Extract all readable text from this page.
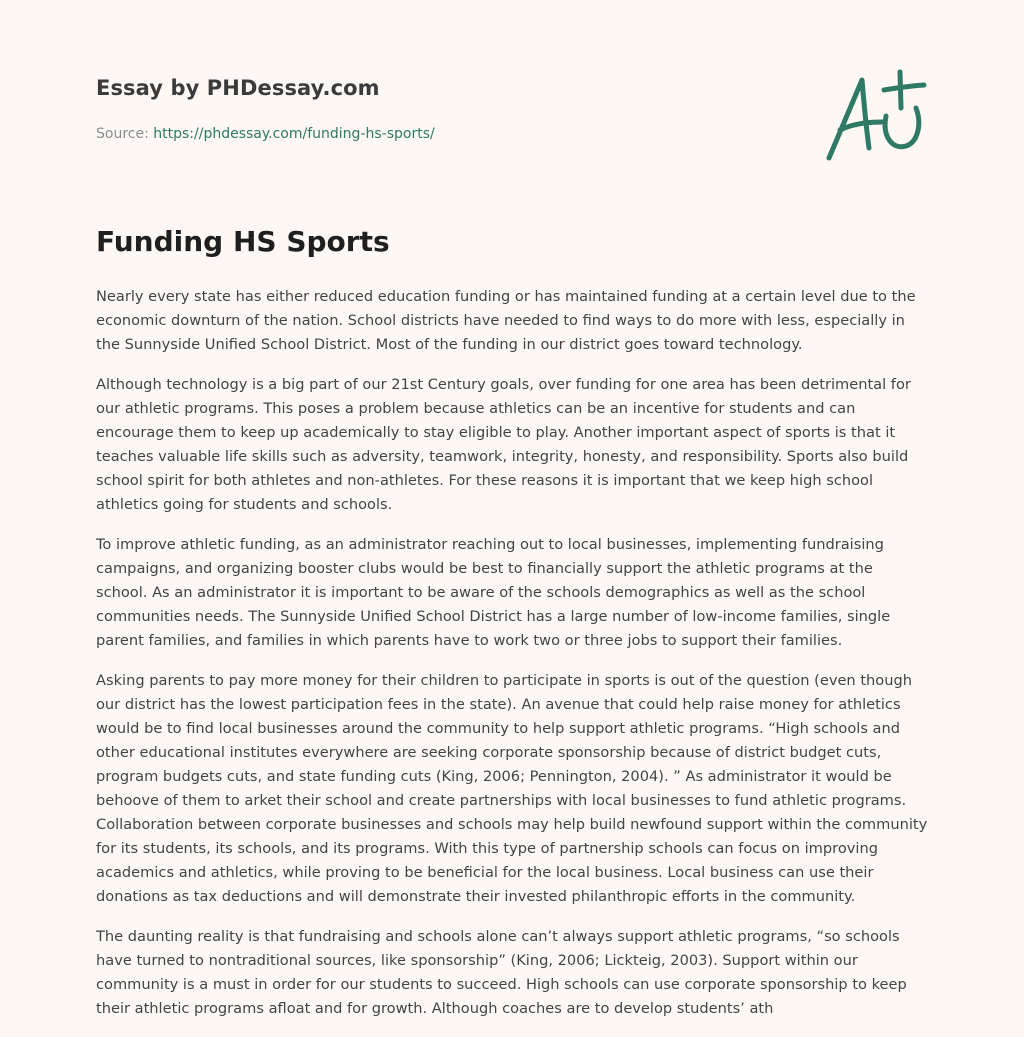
Essay by PHDessay.com
Source: https://phdessay.com/funding-hs-sports/
Funding HS Sports

Nearly every state has either reduced education funding or has maintained funding at a certain level due to the economic downturn of the nation. School districts have needed to find ways to do more with less, especially in the Sunnyside Unified School District. Most of the funding in our district goes toward technology.

Although technology is a big part of our 21st Century goals, over funding for one area has been detrimental for our athletic programs. This poses a problem because athletics can be an incentive for students and can encourage them to keep up academically to stay eligible to play. Another important aspect of sports is that it teaches valuable life skills such as adversity, teamwork, integrity, honesty, and responsibility. Sports also build school spirit for both athletes and non-athletes. For these reasons it is important that we keep high school athletics going for students and schools.

To improve athletic funding, as an administrator reaching out to local businesses, implementing fundraising campaigns, and organizing booster clubs would be best to financially support the athletic programs at the school. As an administrator it is important to be aware of the schools demographics as well as the school communities needs. The Sunnyside Unified School District has a large number of low-income families, single parent families, and families in which parents have to work two or three jobs to support their families.

Asking parents to pay more money for their children to participate in sports is out of the question (even though our district has the lowest participation fees in the state). An avenue that could help raise money for athletics would be to find local businesses around the community to help support athletic programs. “High schools and other educational institutes everywhere are seeking corporate sponsorship because of district budget cuts, program budgets cuts, and state funding cuts (King, 2006; Pennington, 2004). ” As administrator it would be behoove of them to arket their school and create partnerships with local businesses to fund athletic programs. Collaboration between corporate businesses and schools may help build newfound support within the community for its students, its schools, and its programs. With this type of partnership schools can focus on improving academics and athletics, while proving to be beneficial for the local business. Local business can use their donations as tax deductions and will demonstrate their invested philanthropic efforts in the community.

The daunting reality is that fundraising and schools alone can’t always support athletic programs, “so schools have turned to nontraditional sources, like sponsorship” (King, 2006; Lickteig, 2003). Support within our community is a must in order for our students to succeed. High schools can use corporate sponsorship to keep their athletic programs afloat and for growth. Although coaches are to develop students’ ath
